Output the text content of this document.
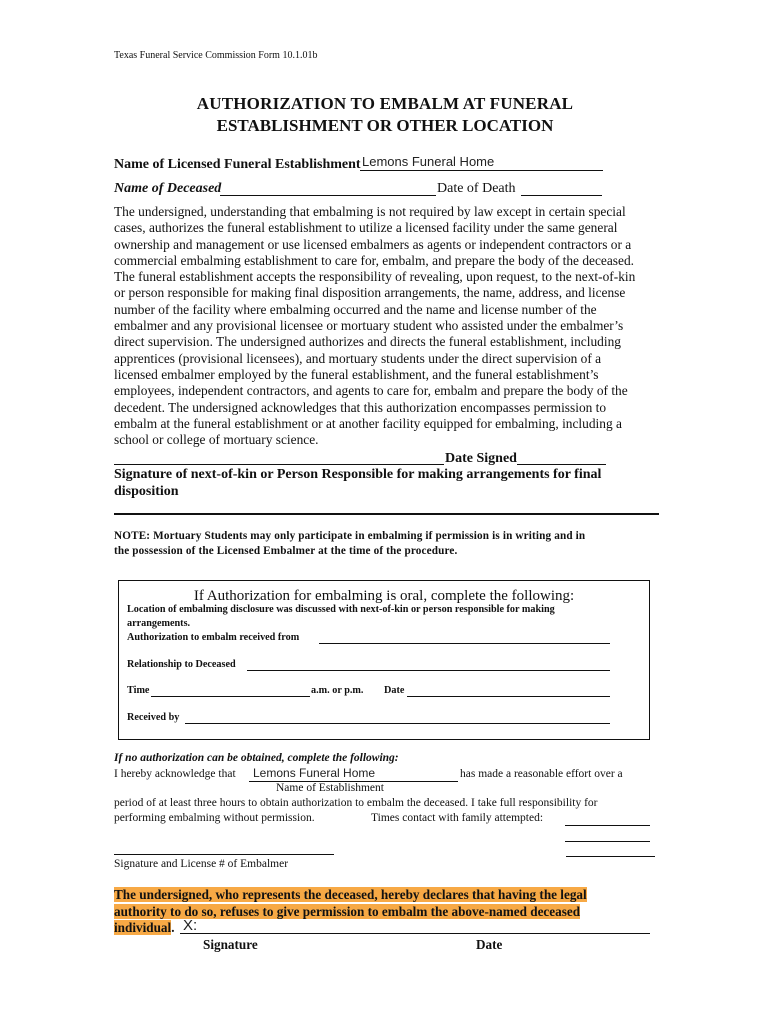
Texas Funeral Service Commission Form 10.1.01b
AUTHORIZATION TO EMBALM AT FUNERAL
ESTABLISHMENT OR OTHER LOCATION
Name of Licensed Funeral Establishment Lemons Funeral Home
Name of Deceased	Date of Death
The undersigned, understanding that embalming is not required by law except in certain special
cases, authorizes the funeral establishment to utilize a licensed facility under the same general
ownership and management or use licensed embalmers as agents or independent contractors or a
commercial embalming establishment to care for, embalm, and prepare the body of the deceased.
The funeral establishment accepts the responsibility of revealing, upon request, to the next-of-kin
or person responsible for making final disposition arrangements, the name, address, and license
number of the facility where embalming occurred and the name and license number of the
embalmer and any provisional licensee or mortuary student who assisted under the embalmer’s
direct supervision. The undersigned authorizes and directs the funeral establishment, including
apprentices (provisional licensees), and mortuary students under the direct supervision of a
licensed embalmer employed by the funeral establishment, and the funeral establishment’s
employees, independent contractors, and agents to care for, embalm and prepare the body of the
decedent. The undersigned acknowledges that this authorization encompasses permission to
embalm at the funeral establishment or at another facility equipped for embalming, including a
school or college of mortuary science.
Date Signed
Signature of next-of-kin or Person Responsible for making arrangements for final
disposition
NOTE: Mortuary Students may only participate in embalming if permission is in writing and in
the possession of the Licensed Embalmer at the time of the procedure.
If Authorization for embalming is oral, complete the following:
Location of embalming disclosure was discussed with next-of-kin or person responsible for making
arrangements.
Authorization to embalm received from
Relationship to Deceased
Time	a.m. or p.m. Date
Received by
If no authorization can be obtained, complete the following:
I hereby acknowledge that Lemons Funeral Home	has made a reasonable effort over a
Name of Establishment
period of at least three hours to obtain authorization to embalm the deceased. I take full responsibility for
performing embalming without permission.	Times contact with family attempted:
Signature and License # of Embalmer
The undersigned, who represents the deceased, hereby declares that having the legal
authority to do so, refuses to give permission to embalm the above-named deceased
individual. X:
Signature	Date
